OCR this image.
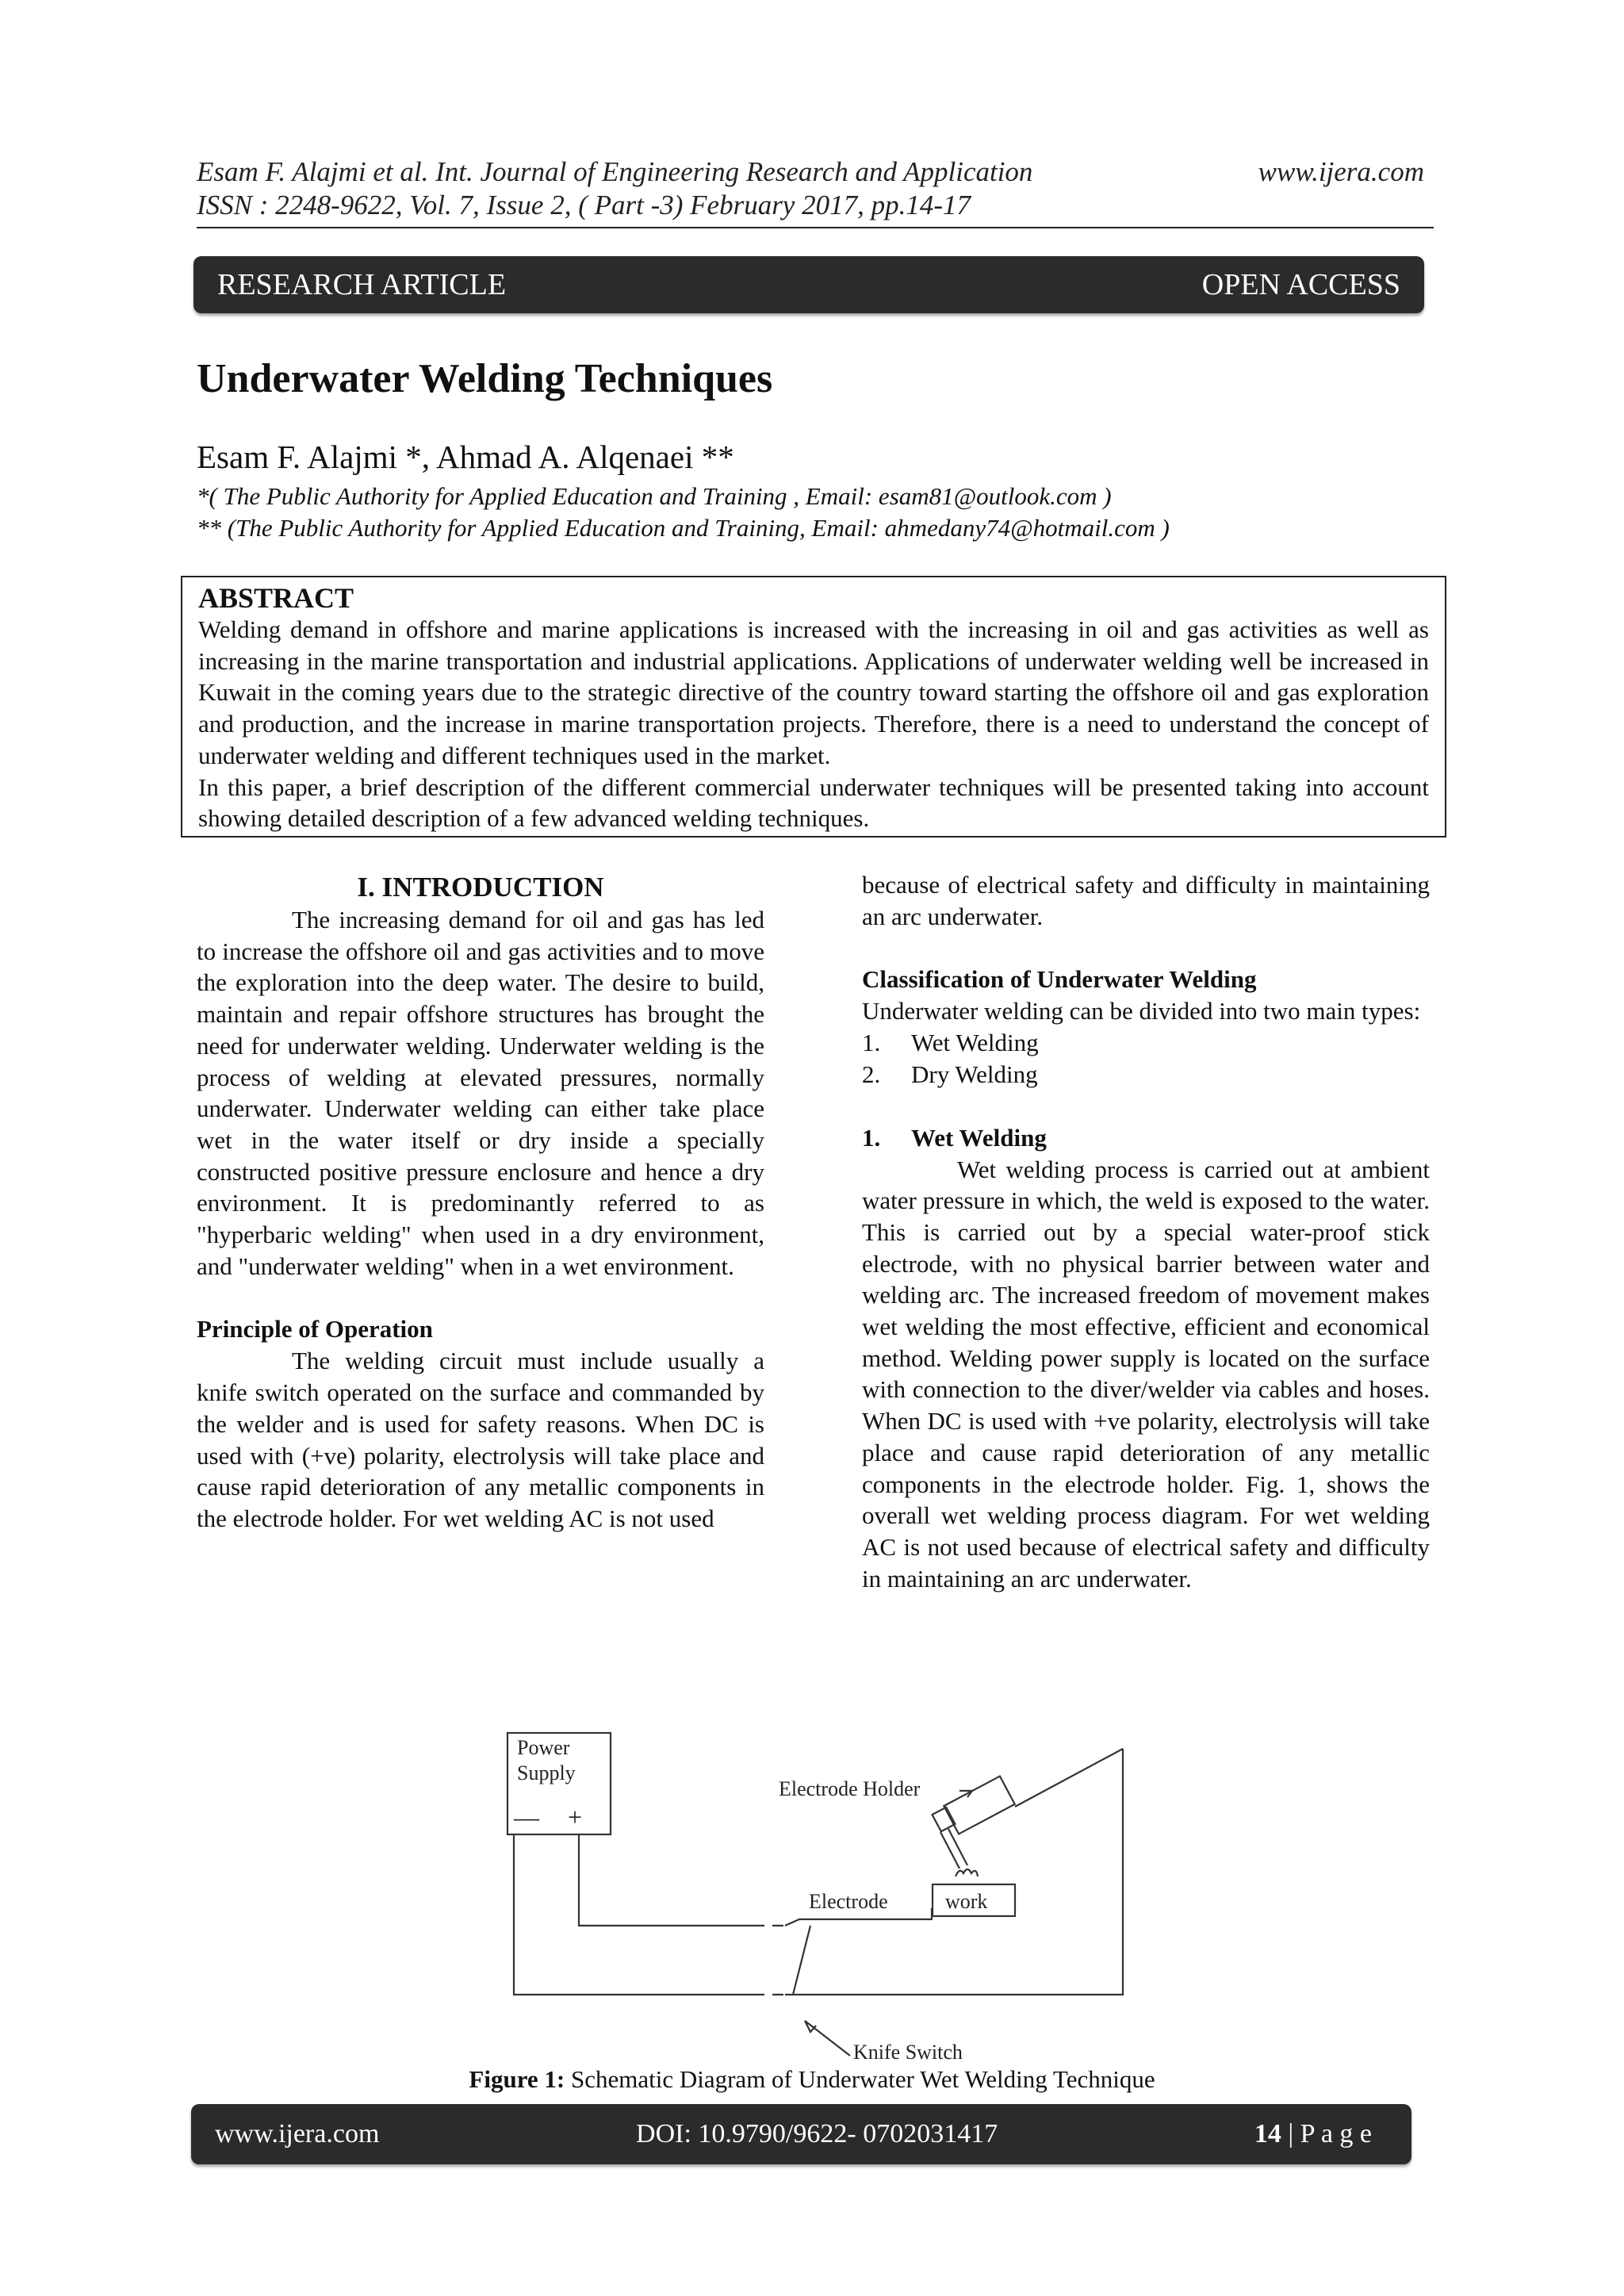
Esam F. Alajmi et al. Int. Journal of Engineering Research and Application	www.ijera.com
ISSN : 2248-9622, Vol. 7, Issue 2, ( Part -3) February 2017, pp.14-17
RESEARCH ARTICLE	OPEN ACCESS
Underwater Welding Techniques
Esam F. Alajmi *, Ahmad A. Alqenaei **
*( The Public Authority for Applied Education and Training , Email: esam81@outlook.com )
** (The Public Authority for Applied Education and Training, Email: ahmedany74@hotmail.com )
ABSTRACT

Welding demand in offshore and marine applications is increased with the increasing in oil and gas activities as well as increasing in the marine transportation and industrial applications. Applications of underwater welding well be increased in Kuwait in the coming years due to the strategic directive of the country toward starting the offshore oil and gas exploration and production, and the increase in marine transportation projects. Therefore, there is a need to understand the concept of underwater welding and different techniques used in the market.

In this paper, a brief description of the different commercial underwater techniques will be presented taking into account showing detailed description of a few advanced welding techniques.

I. INTRODUCTION

The increasing demand for oil and gas has led to increase the offshore oil and gas activities and to move the exploration into the deep water. The desire to build, maintain and repair offshore structures has brought the need for underwater welding. Underwater welding is the process of welding at elevated pressures, normally underwater. Underwater welding can either take place wet in the water itself or dry inside a specially constructed positive pressure enclosure and hence a dry environment. It is predominantly referred to as "hyperbaric welding" when used in a dry environment, and "underwater welding" when in a wet environment.

Principle of Operation

The welding circuit must include usually a knife switch operated on the surface and commanded by the welder and is used for safety reasons. When DC is used with (+ve) polarity, electrolysis will take place and cause rapid deterioration of any metallic components in the electrode holder. For wet welding AC is not used

because of electrical safety and difficulty in maintaining an arc underwater.

Classification of Underwater Welding

Underwater welding can be divided into two main types:

1. Wet Welding
2. Dry Welding
1. Wet Welding

Wet welding process is carried out at ambient water pressure in which, the weld is exposed to the water. This is carried out by a special water-proof stick electrode, with no physical barrier between water and welding arc. The increased freedom of movement makes wet welding the most effective, efficient and economical method. Welding power supply is located on the surface with connection to the diver/welder via cables and hoses. When DC is used with +ve polarity, electrolysis will take place and cause rapid deterioration of any metallic components in the electrode holder. Fig. 1, shows the overall wet welding process diagram. For wet welding AC is not used because of electrical safety and difficulty in maintaining an arc underwater.

Power
Supply
— +
Electrode Holder
Electrode	work
Knife Switch
Figure 1: Schematic Diagram of Underwater Wet Welding Technique
www.ijera.com	DOI: 10.9790/9622- 0702031417	14 | P a g e
